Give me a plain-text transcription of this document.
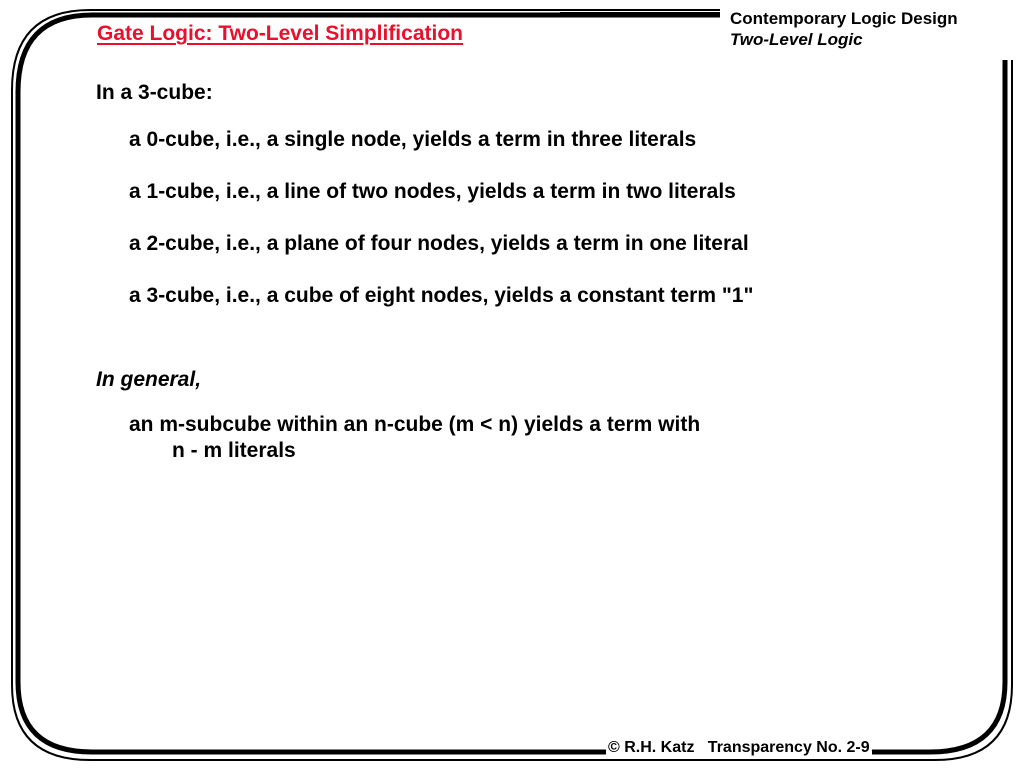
Gate Logic: Two-Level Simplification
Contemporary Logic Design
Two-Level Logic

In a 3-cube:

a 0-cube, i.e., a single node, yields a term in three literals
a 1-cube, i.e., a line of two nodes, yields a term in two literals
a 2-cube, i.e., a plane of four nodes, yields a term in one literal
a 3-cube, i.e., a cube of eight nodes, yields a constant term "1"

In general,

an m-subcube within an n-cube (m < n) yields a term with

n - m literals

© R.H. Katz   Transparency No. 2-9
